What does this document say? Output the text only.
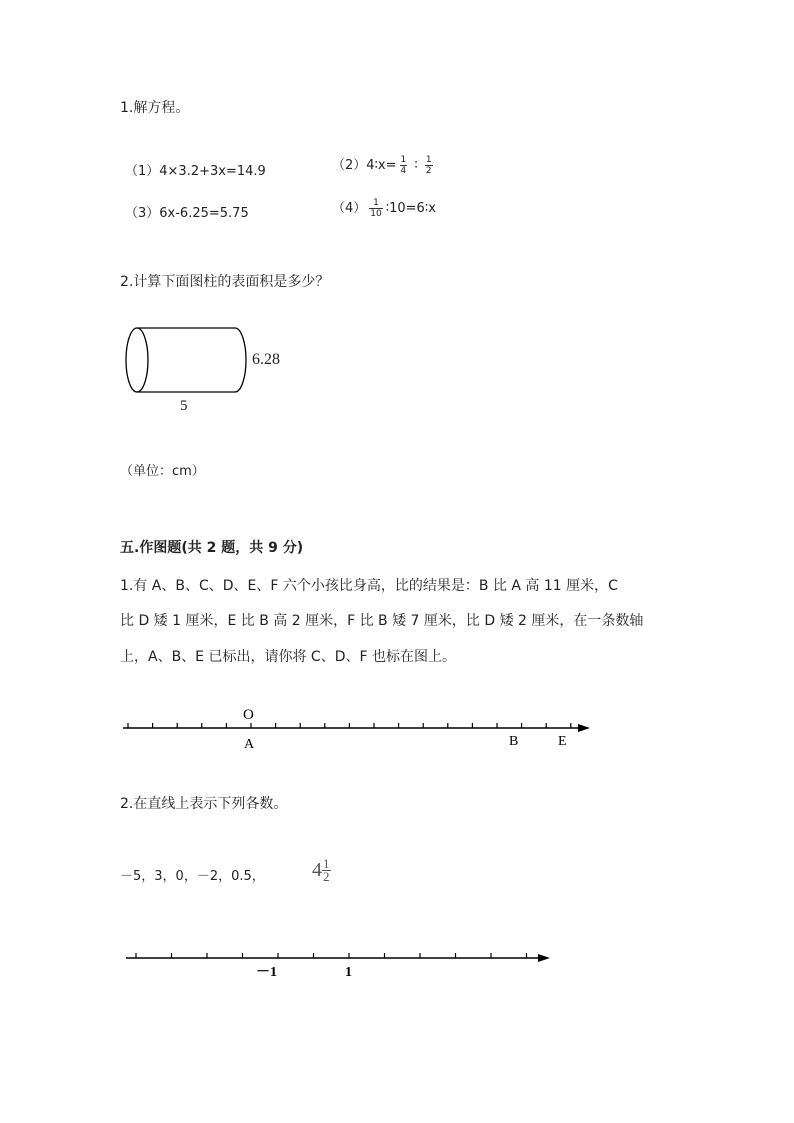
1.解方程。
（1）4×3.2+3x=14.9	（2）4∶x= $\frac{1}{4}$ ∶ $\frac{1}{2}$
（3）6x-6.25=5.75	$(4) \frac{1}{10}$ ∶10=6∶x
2.计算下面图柱的表面积是多少？
6.28
5
（单位：cm）
五.作图题(共 2 题，共 9 分)
1.有 A、B、C、D、E、F 六个小孩比身高，比的结果是：B 比 A 高 11 厘米，C
比 D 矮 1 厘米，E 比 B 高 2 厘米，F 比 B 矮 7 厘米，比 D 矮 2 厘米，在一条数轴
上，A、B、E 已标出，请你将 C、D、F 也标在图上。
O
A	B	E
2.在直线上表示下列各数。
－5，3，0，－2，0.5， $4 \frac{1}{2}$
－1	1
